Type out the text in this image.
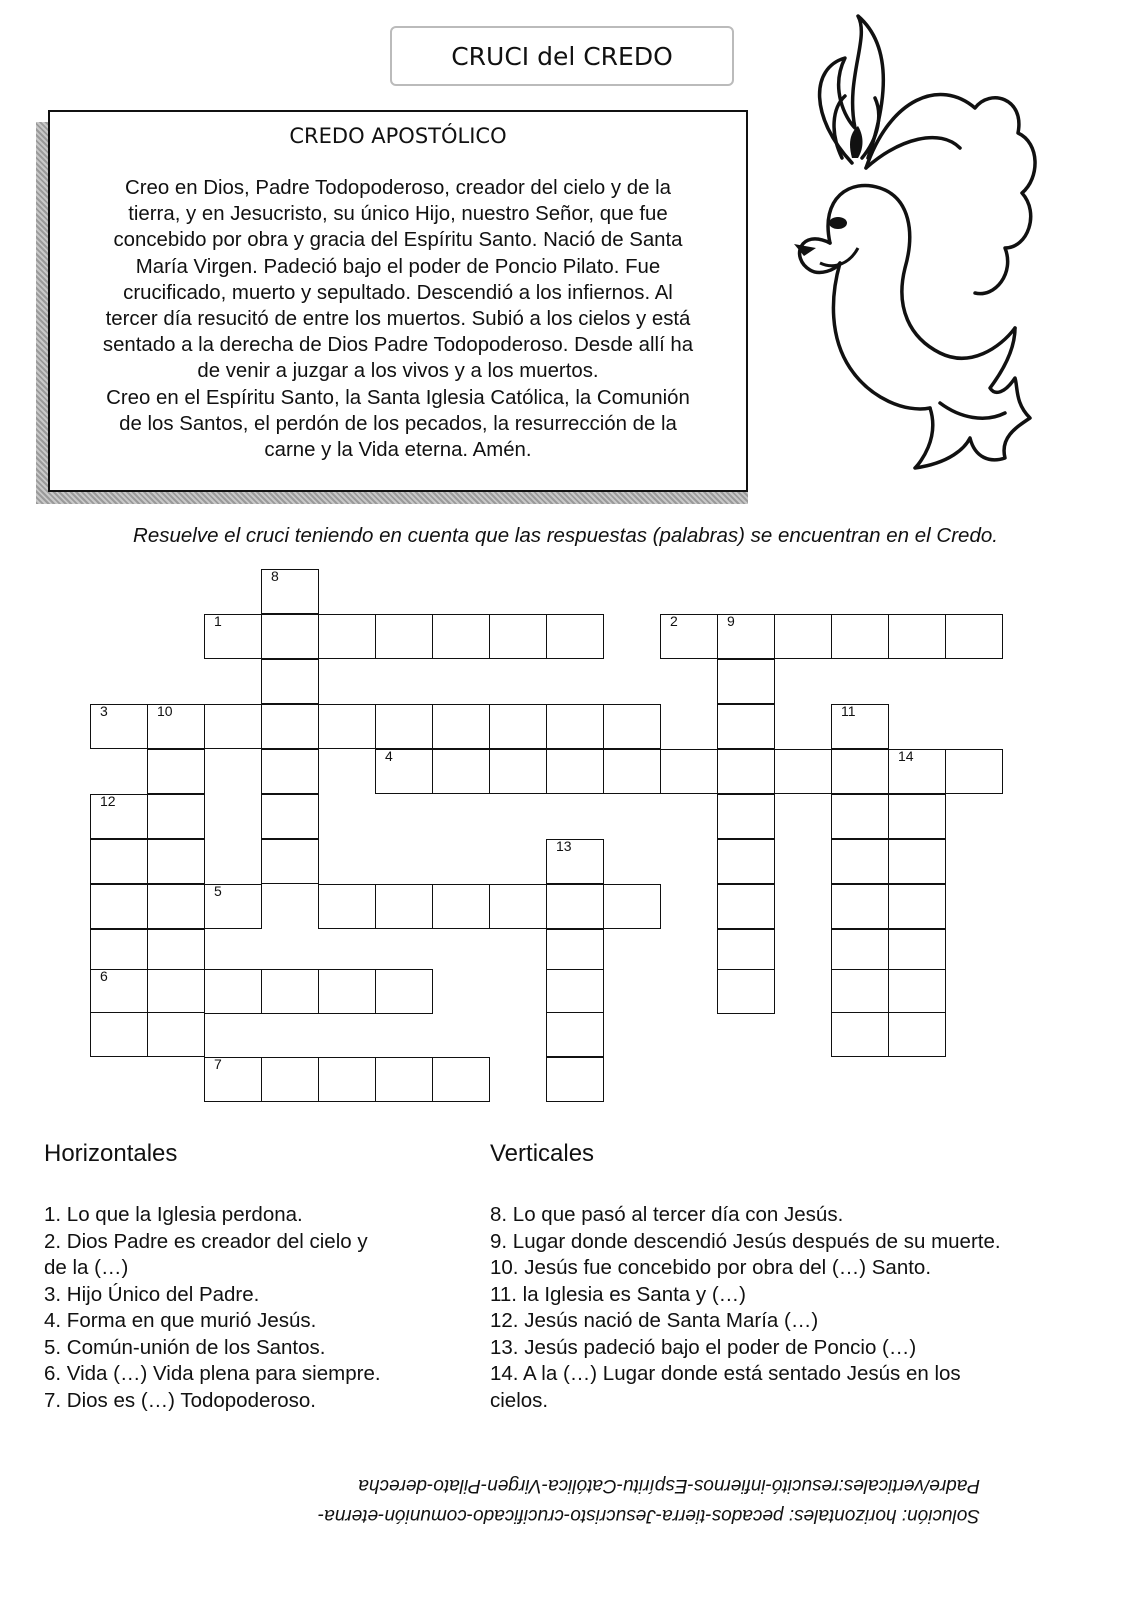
CRUCI del CREDO
CREDO APOSTÓLICO
Creo en Dios, Padre Todopoderoso, creador del cielo y de la
tierra, y en Jesucristo, su único Hijo, nuestro Señor, que fue
concebido por obra y gracia del Espíritu Santo. Nació de Santa
María Virgen. Padeció bajo el poder de Poncio Pilato. Fue
crucificado, muerto y sepultado. Descendió a los infiernos. Al
tercer día resucitó de entre los muertos. Subió a los cielos y está
sentado a la derecha de Dios Padre Todopoderoso. Desde allí ha
de venir a juzgar a los vivos y a los muertos.
Creo en el Espíritu Santo, la Santa Iglesia Católica, la Comunión
de los Santos, el perdón de los pecados, la resurrección de la
carne y la Vida eterna. Amén.
Resuelve el cruci teniendo en cuenta que las respuestas (palabras) se encuentran en el Credo.
8
1	2	9
3	10
4	14
11
12
6
5
13
7
Horizontales	Verticales
1. Lo que la Iglesia perdona.
2. Dios Padre es creador del cielo y
de la (…)
3. Hijo Único del Padre.
4. Forma en que murió Jesús.
5. Común-unión de los Santos.
6. Vida (…) Vida plena para siempre.
7. Dios es (…) Todopoderoso.
8. Lo que pasó al tercer día con Jesús.
9. Lugar donde descendió Jesús después de su muerte.
10. Jesús fue concebido por obra del (…) Santo.
11. la Iglesia es Santa y (…)
12. Jesús nació de Santa María (…)
13. Jesús padeció bajo el poder de Poncio (…)
14. A la (…) Lugar donde está sentado Jesús en los
cielos.
Solución: horizontales: pecados-tierra-Jesucristo-crucificado-comunión-eterna-
Padre/verticales:resucitó-infiernos-Espíritu-Católica-Virgen-Pilato-derecha
